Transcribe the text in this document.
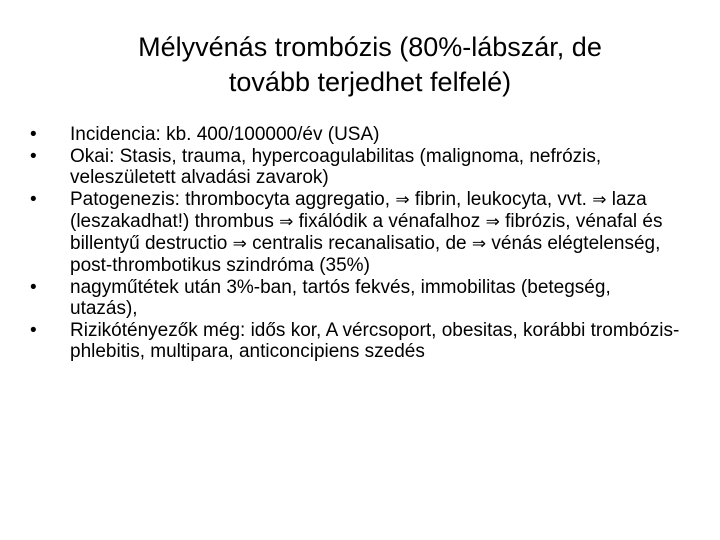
Mélyvénás trombózis (80%-lábszár, de
tovább terjedhet felfelé)
• Incidencia: kb. 400/100000/év (USA)
• Okai: Stasis, trauma, hypercoagulabilitas (malignoma, nefrózis, veleszületett alvadási zavarok)
• Patogenezis: thrombocyta aggregatio, ⇒ fibrin, leukocyta, vvt. ⇒ laza (leszakadhat!) thrombus ⇒ fixálódik a vénafalhoz ⇒ fibrózis, vénafal és billentyű destructio ⇒ centralis recanalisatio, de ⇒ vénás elégtelenség, post-thrombotikus szindróma (35%)
• nagyműtétek után 3%-ban, tartós fekvés, immobilitas (betegség, utazás),
• Rizikótényezők még: idős kor, A vércsoport, obesitas, korábbi trombózis-phlebitis, multipara, anticoncipiens szedés
